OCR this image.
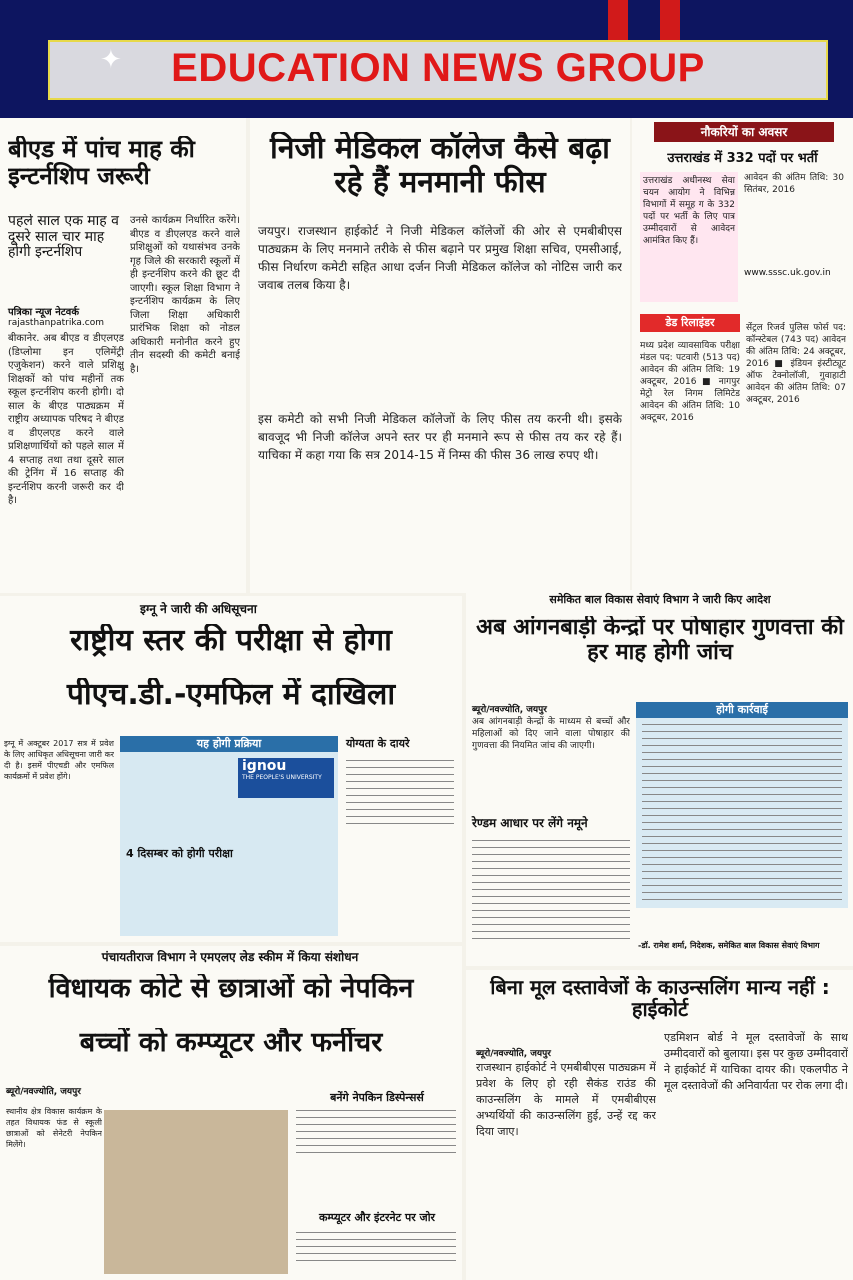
EDUCATION NEWS GROUP
✦
बीएड में पांच माह की इन्टर्नशिप जरूरी
पहले साल एक माह व दूसरे साल चार माह होगी इन्टर्नशिप
पत्रिका न्यूज नेटवर्क
rajasthanpatrika.com
बीकानेर. अब बीएड व डीएलएड (डिप्लोमा इन एलिमेंट्री एजुकेशन) करने वाले प्रशिक्षु शिक्षकों को पांच महीनों तक स्कूल इन्टर्नशिप करनी होगी। दो साल के बीएड पाठ्यक्रम में राष्ट्रीय अध्यापक परिषद ने बीएड व डीएलएड करने वाले प्रशिक्षणार्थियों को पहले साल में 4 सप्ताह तथा तथा दूसरे साल की ट्रेनिंग में 16 सप्ताह की इन्टर्नशिप करनी जरूरी कर दी है।
उनसे कार्यक्रम निर्धारित करेंगे। बीएड व डीएलएड करने वाले प्रशिक्षुओं को यथासंभव उनके गृह जिले की सरकारी स्कूलों में ही इन्टर्नशिप करने की छूट दी जाएगी। स्कूल शिक्षा विभाग ने इन्टर्नशिप कार्यक्रम के लिए जिला शिक्षा अधिकारी प्रारंभिक शिक्षा को नोडल अधिकारी मनोनीत करने हुए तीन सदस्यी की कमेटी बनाई है।
निजी मेडिकल कॉलेज कैसे बढ़ा रहे हैं मनमानी फीस
जयपुर। राजस्थान हाईकोर्ट ने निजी मेडिकल कॉलेजों की ओर से एमबीबीएस पाठ्यक्रम के लिए मनमाने तरीके से फीस बढ़ाने पर प्रमुख शिक्षा सचिव, एमसीआई, फीस निर्धारण कमेटी सहित आधा दर्जन निजी मेडिकल कॉलेज को नोटिस जारी कर जवाब तलब किया है।
इस कमेटी को सभी निजी मेडिकल कॉलेजों के लिए फीस तय करनी थी। इसके बावजूद भी निजी कॉलेज अपने स्तर पर ही मनमाने रूप से फीस तय कर रहे हैं। याचिका में कहा गया कि सत्र 2014-15 में निम्स की फीस 36 लाख रुपए थी।
नौकरियों का अवसर
उत्तराखंड में 332 पदों पर भर्ती
उत्तराखंड अधीनस्थ सेवा चयन आयोग ने विभिन्न विभागों में समूह ग के 332 पदों पर भर्ती के लिए पात्र उम्मीदवारों से आवेदन आमंत्रित किए हैं।
आवेदन की अंतिम तिथि: 30 सितंबर, 2016
www.sssc.uk.gov.in
डेड रिलाइंडर
मध्य प्रदेश व्यावसायिक परीक्षा मंडल पद: पटवारी (513 पद) आवेदन की अंतिम तिथि: 19 अक्टूबर, 2016 ■ नागपुर मेट्रो रेल निगम लिमिटेड आवेदन की अंतिम तिथि: 10 अक्टूबर, 2016
सेंट्रल रिजर्व पुलिस फोर्स पद: कॉन्स्टेबल (743 पद) आवेदन की अंतिम तिथि: 24 अक्टूबर, 2016 ■ इंडियन इंस्टीट्यूट ऑफ टेक्नोलॉजी, गुवाहाटी आवेदन की अंतिम तिथि: 07 अक्टूबर, 2016
इग्नू ने जारी की अधिसूचना
राष्ट्रीय स्तर की परीक्षा से होगा
पीएच.डी.-एमफिल में दाखिला
इग्नू में अक्टूबर 2017 सत्र में प्रवेश के लिए आधिकृत अधिसूचना जारी कर दी है। इसमें पीएचडी और एमफिल कार्यक्रमों में प्रवेश होंगे।
यह होगी प्रक्रिया
ignou
THE PEOPLE'S UNIVERSITY
4 दिसम्बर को होगी परीक्षा
योग्यता के दायरे
समेकित बाल विकास सेवाएं विभाग ने जारी किए आदेश
अब आंगनबाड़ी केन्द्रों पर पोषाहार गुणवत्ता की हर माह होगी जांच
ब्यूरो/नवज्योति, जयपुर
अब आंगनबाड़ी केन्द्रों के माध्यम से बच्चों और महिलाओं को दिए जाने वाला पोषाहार की गुणवत्ता की नियमित जांच की जाएगी।
रेण्डम आधार पर लेंगे नमूने
होगी कार्रवाई
-डॉ. रामेश शर्मा, निदेशक, समेकित बाल विकास सेवाएं विभाग
पंचायतीराज विभाग ने एमएलए लेड स्कीम में किया संशोधन
विधायक कोटे से छात्राओं को नेपकिन
बच्चों को कम्प्यूटर और फर्नीचर
ब्यूरो/नवज्योति, जयपुर
स्थानीय क्षेत्र विकास कार्यक्रम के तहत विधायक फंड से स्कूली छात्राओं को सेनेटरी नेपकिन मिलेंगे।
बनेंगे नेपकिन डिस्पेन्सर्स
कम्प्यूटर और इंटरनेट पर जोर
बिना मूल दस्तावेजों के काउन्सलिंग मान्य नहीं : हाईकोर्ट
ब्यूरो/नवज्योति, जयपुर
राजस्थान हाईकोर्ट ने एमबीबीएस पाठ्यक्रम में प्रवेश के लिए हो रही सैकंड राउंड की काउन्सलिंग के मामले में एमबीबीएस अभ्यर्थियों की काउन्सलिंग हुई, उन्हें रद्द कर दिया जाए।
एडमिशन बोर्ड ने मूल दस्तावेजों के साथ उम्मीदवारों को बुलाया। इस पर कुछ उम्मीदवारों ने हाईकोर्ट में याचिका दायर की। एकलपीठ ने मूल दस्तावेजों की अनिवार्यता पर रोक लगा दी।
